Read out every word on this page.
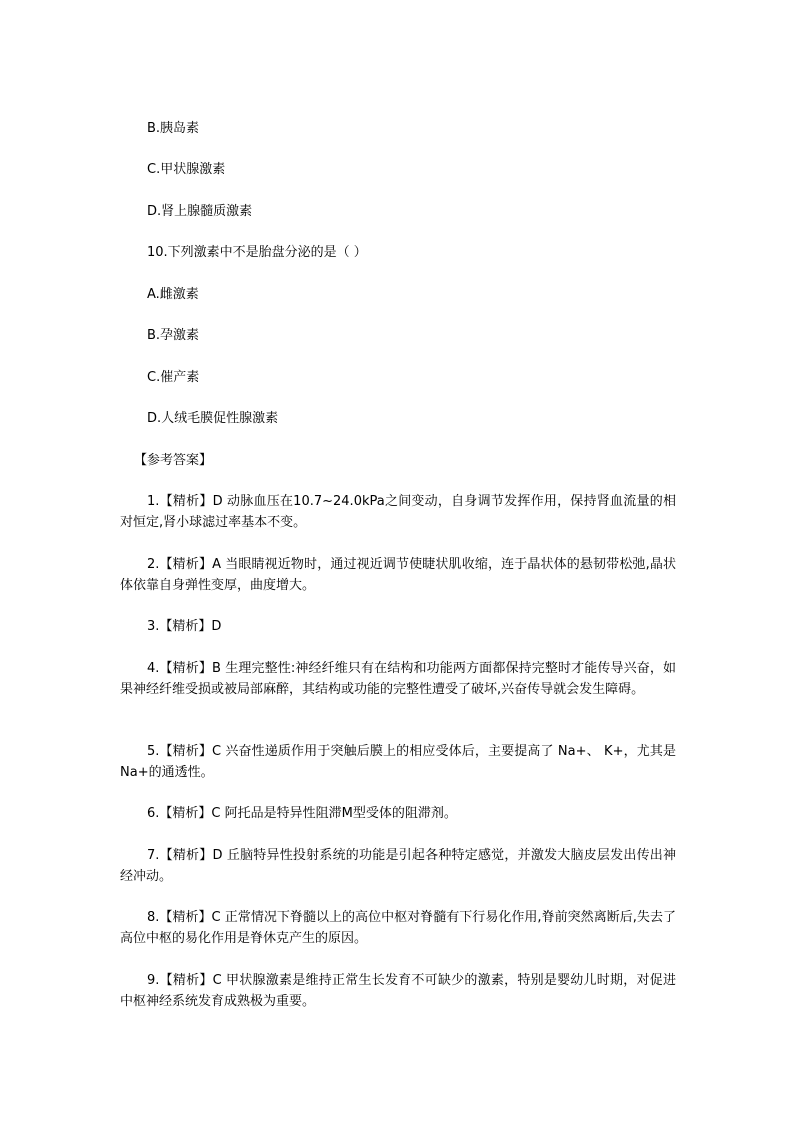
B.胰岛素
C.甲状腺激素
D.肾上腺髓质激素
10.下列激素中不是胎盘分泌的是（ ）
A.雌激素
B.孕激素
C.催产素
D.人绒毛膜促性腺激素
【参考答案】
1.【精析】D 动脉血压在10.7~24.0kPa之间变动，自身调节发挥作用，保持肾血流量的相对恒定,肾小球滤过率基本不变。
2.【精析】A 当眼睛视近物时，通过视近调节使睫状肌收缩，连于晶状体的悬韧带松弛,晶状体依靠自身弹性变厚，曲度增大。
3.【精析】D
4.【精析】B 生理完整性:神经纤维只有在结构和功能两方面都保持完整时才能传导兴奋，如果神经纤维受损或被局部麻醉，其结构或功能的完整性遭受了破坏,兴奋传导就会发生障碍。
5.【精析】C 兴奋性递质作用于突触后膜上的相应受体后，主要提高了 Na+、 K+，尤其是Na+的通透性。
6.【精析】C 阿托品是特异性阻滞M型受体的阻滞剂。
7.【精析】D 丘脑特异性投射系统的功能是引起各种特定感觉，并激发大脑皮层发出传出神经冲动。
8.【精析】C 正常情况下脊髓以上的高位中枢对脊髓有下行易化作用,脊前突然离断后,失去了高位中枢的易化作用是脊休克产生的原因。
9.【精析】C 甲状腺激素是维持正常生长发育不可缺少的激素，特别是婴幼儿时期，对促进中枢神经系统发育成熟极为重要。
